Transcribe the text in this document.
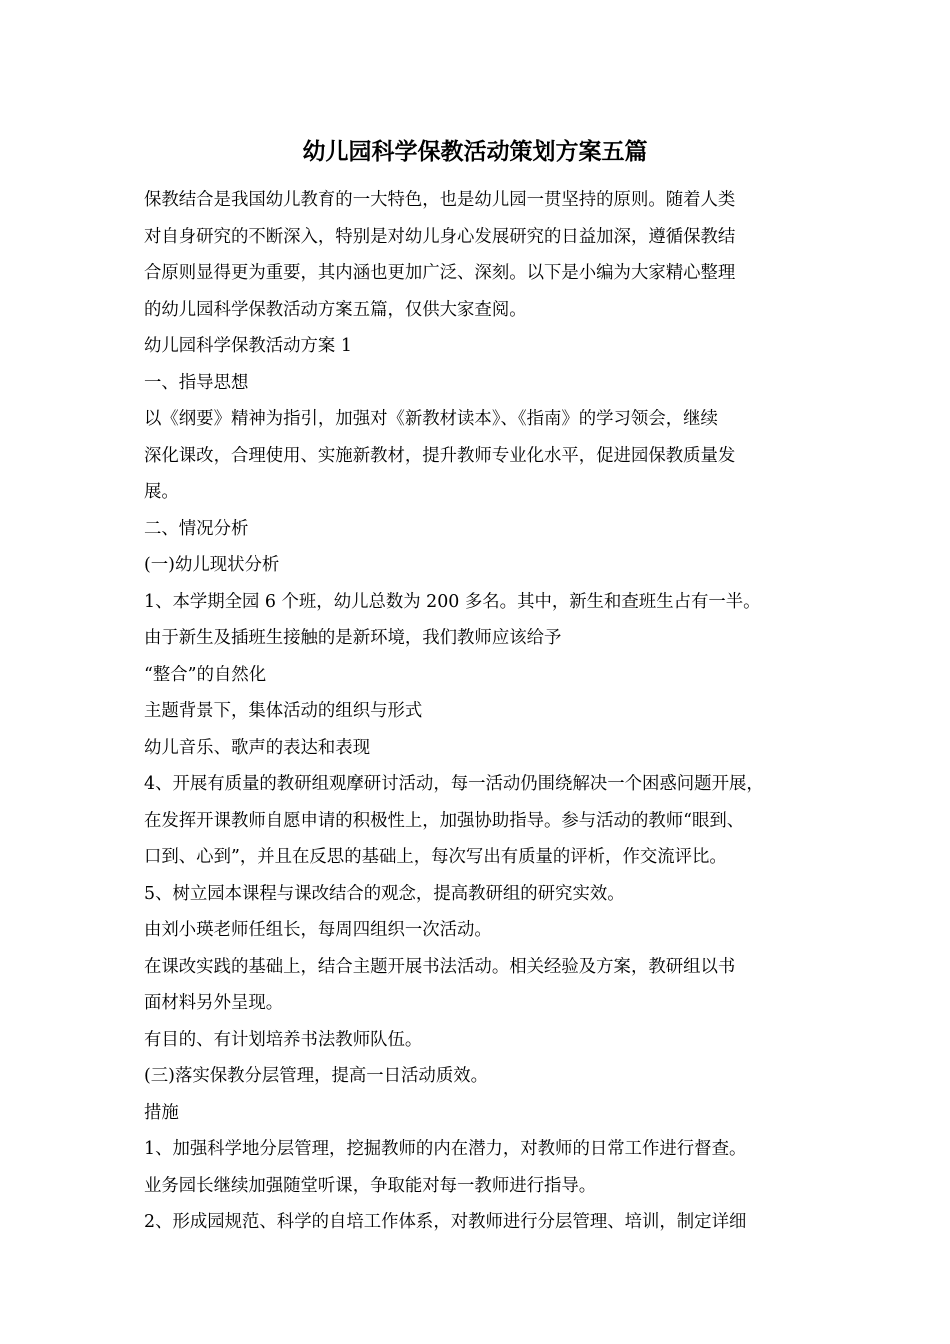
幼儿园科学保教活动策划方案五篇

保教结合是我国幼儿教育的一大特色，也是幼儿园一贯坚持的原则。随着人类

对自身研究的不断深入，特别是对幼儿身心发展研究的日益加深，遵循保教结

合原则显得更为重要，其内涵也更加广泛、深刻。以下是小编为大家精心整理

的幼儿园科学保教活动方案五篇，仅供大家查阅。

幼儿园科学保教活动方案 1

一、指导思想

以《纲要》精神为指引，加强对《新教材读本》、《指南》的学习领会，继续

深化课改，合理使用、实施新教材，提升教师专业化水平，促进园保教质量发

展。

二、情况分析

(一)幼儿现状分析

1、本学期全园 6 个班，幼儿总数为 200 多名。其中，新生和查班生占有一半。

由于新生及插班生接触的是新环境，我们教师应该给予

“整合”的自然化

主题背景下，集体活动的组织与形式

幼儿音乐、歌声的表达和表现

4、开展有质量的教研组观摩研讨活动，每一活动仍围绕解决一个困惑问题开展，

在发挥开课教师自愿申请的积极性上，加强协助指导。参与活动的教师“眼到、

口到、心到”，并且在反思的基础上，每次写出有质量的评析，作交流评比。

5、树立园本课程与课改结合的观念，提高教研组的研究实效。

由刘小瑛老师任组长，每周四组织一次活动。

在课改实践的基础上，结合主题开展书法活动。相关经验及方案，教研组以书

面材料另外呈现。

有目的、有计划培养书法教师队伍。

(三)落实保教分层管理，提高一日活动质效。

措施

1、加强科学地分层管理，挖掘教师的内在潜力，对教师的日常工作进行督查。

业务园长继续加强随堂听课，争取能对每一教师进行指导。

2、形成园规范、科学的自培工作体系，对教师进行分层管理、培训，制定详细
